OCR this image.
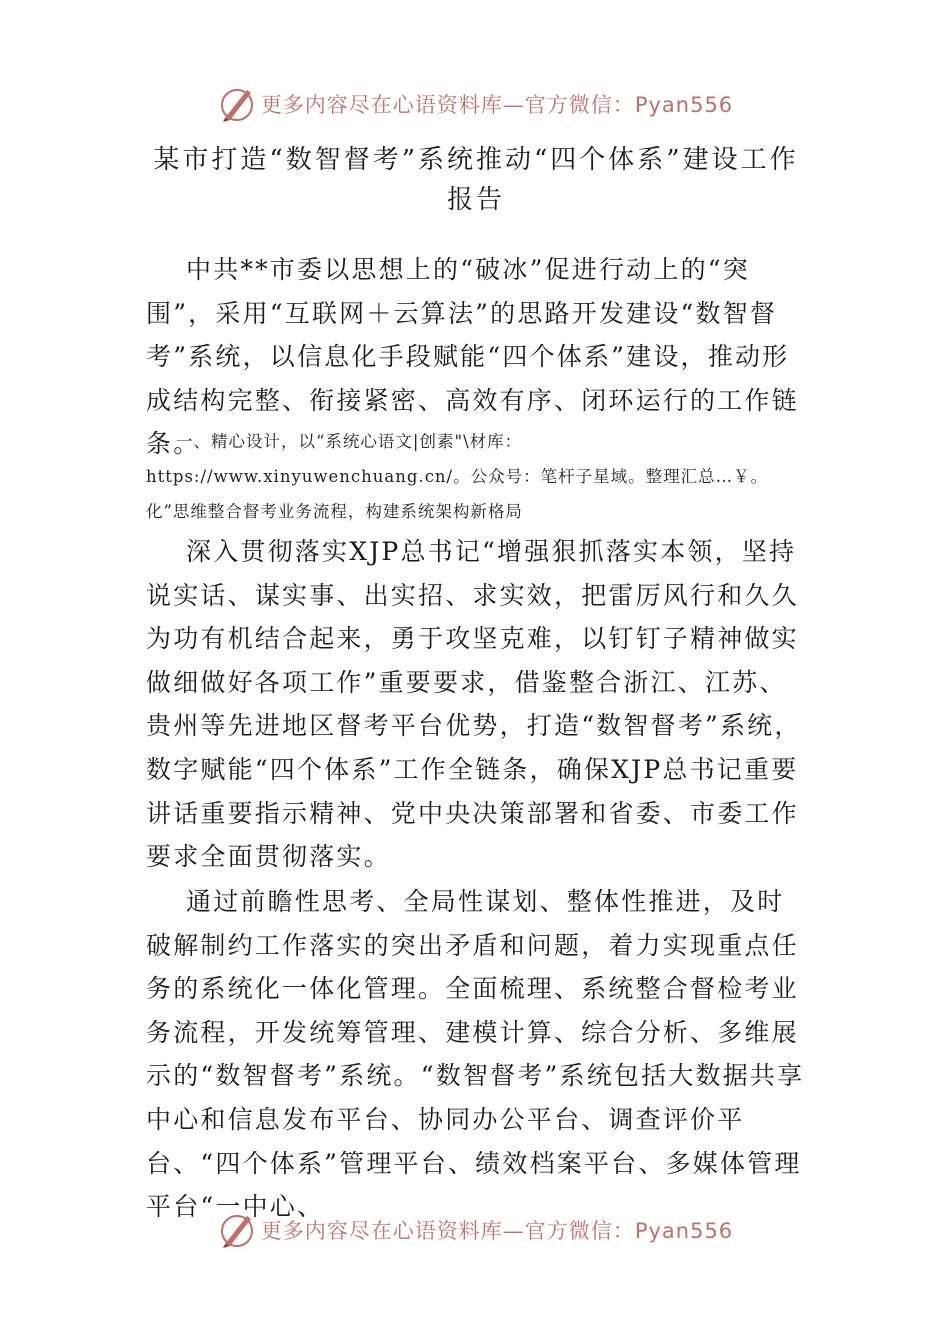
更多内容尽在心语资料库—官方微信：Pyan556
某市打造“数智督考”系统推动“四个体系”建设工作报告

中共**市委以思想上的“破冰”促进行动上的“突围”，采用“互联网＋云算法”的思路开发建设“数智督考”系统，以信息化手段赋能“四个体系”建设，推动形成结构完整、衔接紧密、高效有序、闭环运行的工作链条。

一、精心设计，以“系统心语文|创素"\材库：https://www.xinyuwenchuang.cn/。公众号：笔杆子星域。整理汇总…￥。化”思维整合督考业务流程，构建系统架构新格局

深入贯彻落实XJP总书记“增强狠抓落实本领，坚持说实话、谋实事、出实招、求实效，把雷厉风行和久久为功有机结合起来，勇于攻坚克难，以钉钉子精神做实做细做好各项工作”重要要求，借鉴整合浙江、江苏、贵州等先进地区督考平台优势，打造“数智督考”系统，数字赋能“四个体系”工作全链条，确保XJP总书记重要讲话重要指示精神、党中央决策部署和省委、市委工作要求全面贯彻落实。

通过前瞻性思考、全局性谋划、整体性推进，及时破解制约工作落实的突出矛盾和问题，着力实现重点任务的系统化一体化管理。全面梳理、系统整合督检考业务流程，开发统筹管理、建模计算、综合分析、多维展示的“数智督考”系统。“数智督考”系统包括大数据共享中心和信息发布平台、协同办公平台、调查评价平台、“四个体系”管理平台、绩效档案平台、多媒体管理平台“一中心、

更多内容尽在心语资料库—官方微信：Pyan556
